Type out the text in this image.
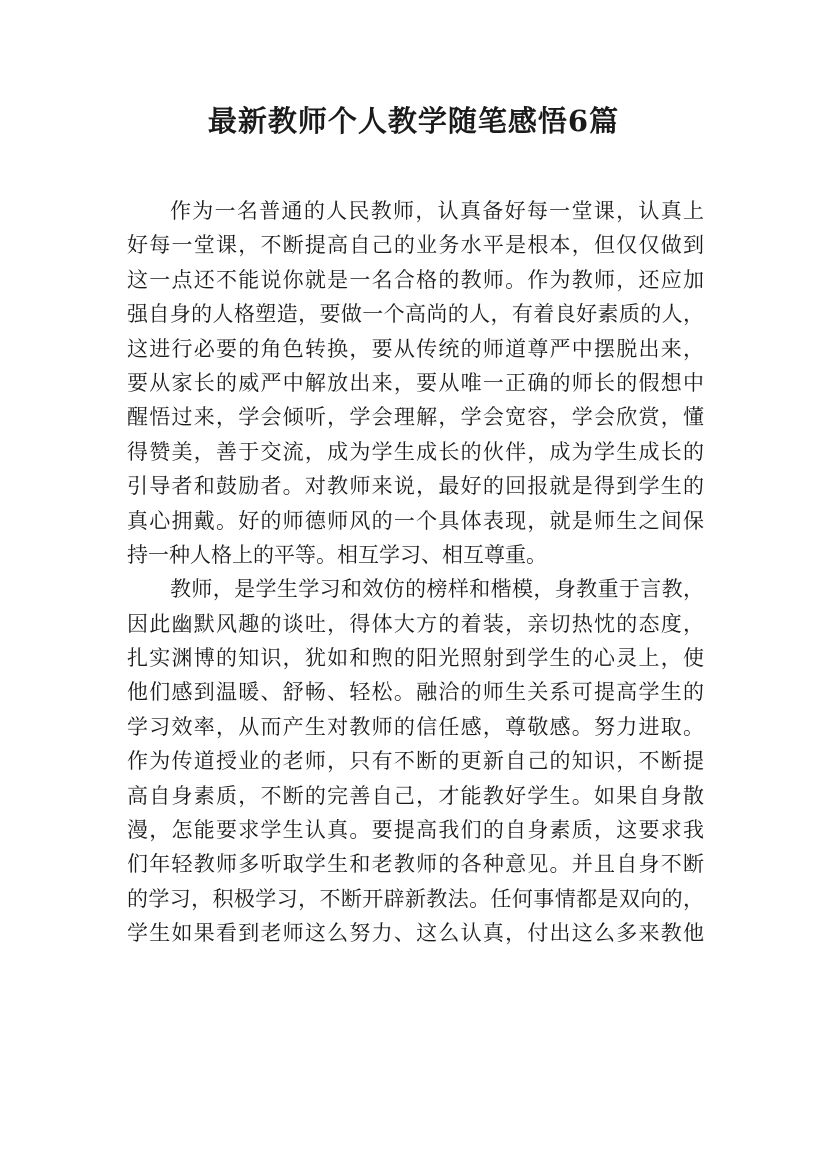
最新教师个人教学随笔感悟6篇

作为一名普通的人民教师，认真备好每一堂课，认真上

好每一堂课，不断提高自己的业务水平是根本，但仅仅做到

这一点还不能说你就是一名合格的教师。作为教师，还应加

强自身的人格塑造，要做一个高尚的人，有着良好素质的人，

这进行必要的角色转换，要从传统的师道尊严中摆脱出来，

要从家长的威严中解放出来，要从唯一正确的师长的假想中

醒悟过来，学会倾听，学会理解，学会宽容，学会欣赏，懂

得赞美，善于交流，成为学生成长的伙伴，成为学生成长的

引导者和鼓励者。对教师来说，最好的回报就是得到学生的

真心拥戴。好的师德师风的一个具体表现，就是师生之间保

持一种人格上的平等。相互学习、相互尊重。

教师，是学生学习和效仿的榜样和楷模，身教重于言教，

因此幽默风趣的谈吐，得体大方的着装，亲切热忱的态度，

扎实渊博的知识，犹如和煦的阳光照射到学生的心灵上，使

他们感到温暖、舒畅、轻松。融洽的师生关系可提高学生的

学习效率，从而产生对教师的信任感，尊敬感。努力进取。

作为传道授业的老师，只有不断的更新自己的知识，不断提

高自身素质，不断的完善自己，才能教好学生。如果自身散

漫，怎能要求学生认真。要提高我们的自身素质，这要求我

们年轻教师多听取学生和老教师的各种意见。并且自身不断

的学习，积极学习，不断开辟新教法。任何事情都是双向的，

学生如果看到老师这么努力、这么认真，付出这么多来教他
